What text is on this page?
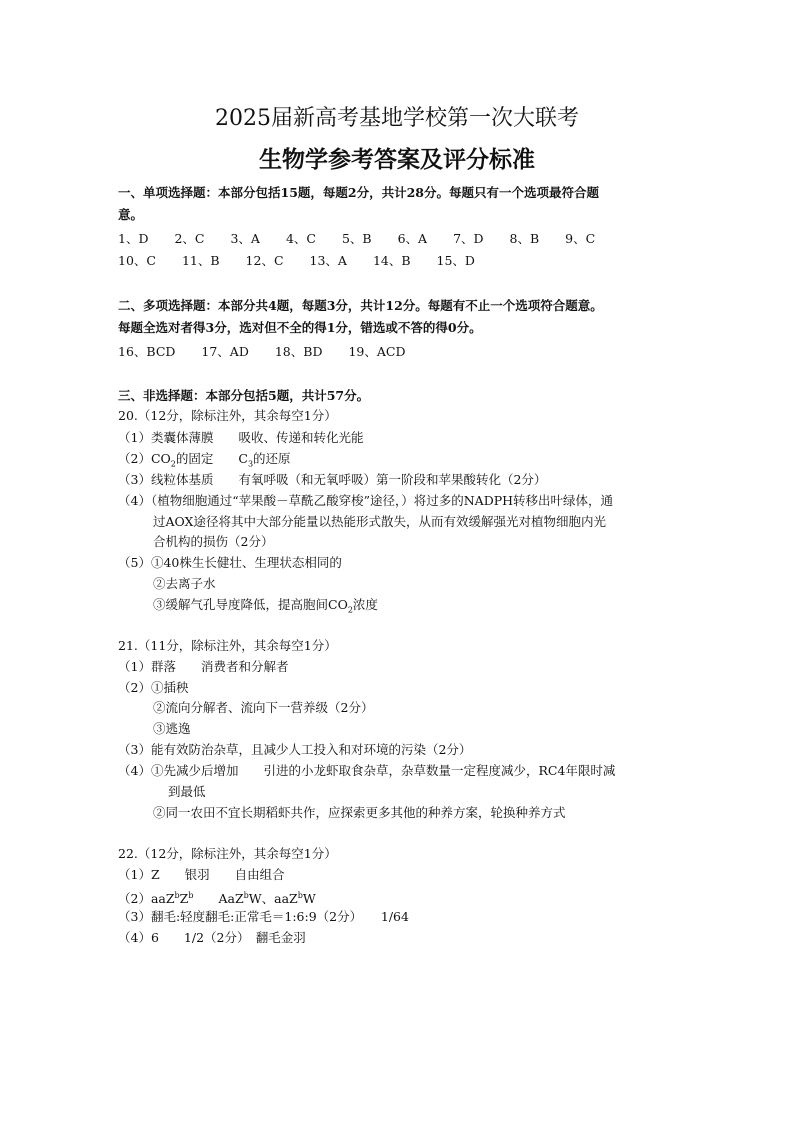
2025届新高考基地学校第一次大联考
生物学参考答案及评分标准
一、单项选择题：本部分包括15题，每题2分，共计28分。每题只有一个选项最符合题
意。
1、D 2、C 3、A 4、C 5、B 6、A 7、D 8、B 9、C
10、C 11、B 12、C 13、A 14、B 15、D
二、多项选择题：本部分共4题，每题3分，共计12分。每题有不止一个选项符合题意。
每题全选对者得3分，选对但不全的得1分，错选或不答的得0分。
16、BCD 17、AD 18、BD 19、ACD
三、非选择题：本部分包括5题，共计57分。
20.（12分，除标注外，其余每空1分）
（1）类囊体薄膜　　吸收、传递和转化光能
$(2)CO_2$的固定　　$C_3$的还原
（3）线粒体基质　　有氧呼吸（和无氧呼吸）第一阶段和苹果酸转化（2分）
（4）（植物细胞通过“苹果酸－草酰乙酸穿梭”途径，）将过多的NADPH转移出叶绿体，通
过AOX途径将其中大部分能量以热能形式散失，从而有效缓解强光对植物细胞内光
合机构的损伤（2分）
（5）①40株生长健壮、生理状态相同的
②去离子水
③缓解气孔导度降低，提高胞间$CO_2$浓度
21.（11分，除标注外，其余每空1分）
（1）群落　　消费者和分解者
（2）①插秧
②流向分解者、流向下一营养级（2分）
③逃逸
（3）能有效防治杂草，且减少人工投入和对环境的污染（2分）
（4）①先减少后增加　　引进的小龙虾取食杂草，杂草数量一定程度减少，RC4年限时减
到最低
②同一农田不宜长期稻虾共作，应探索更多其他的种养方案，轮换种养方式
22.（12分，除标注外，其余每空1分）
（1）Z　　银羽　　自由组合
$(2)aaZ^bZ^b$　　AaZ$^b$W、aaZ$^b$W
（3）翻毛:轻度翻毛:正常毛＝1:6:9（2分）　　1/64
（4）6　　1/2（2分）　翻毛金羽
